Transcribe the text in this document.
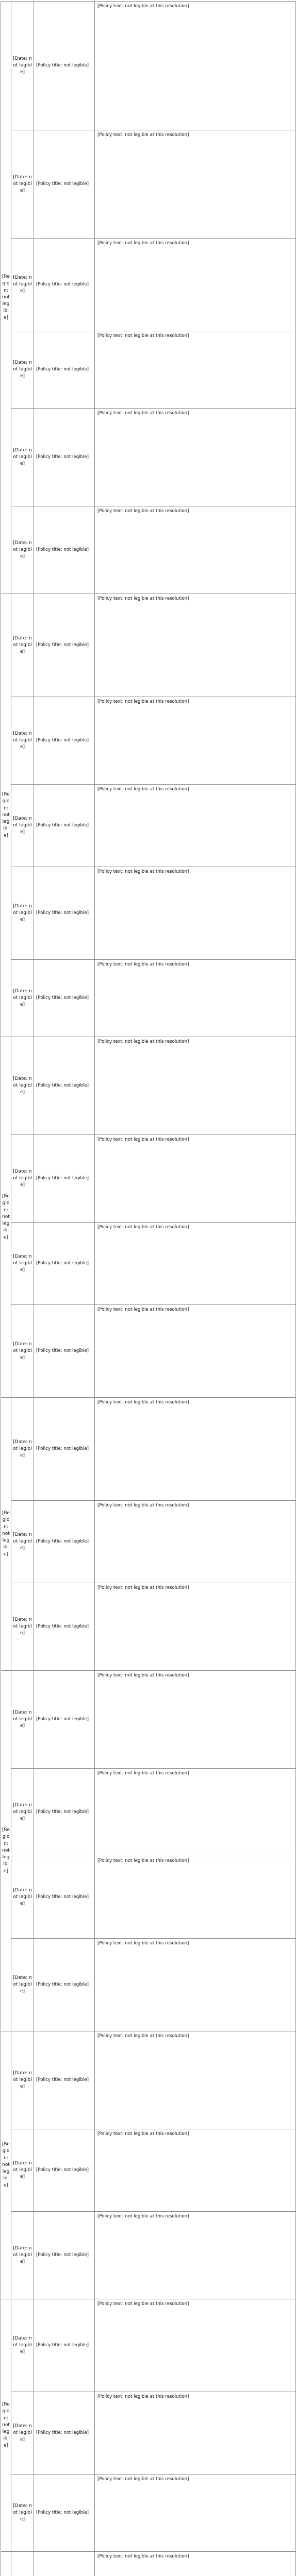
[Region: not legible]	[Date: not legible]	[Policy title: not legible]	[Policy text: not legible at this resolution]

	[Date: not legible]	[Policy title: not legible]	[Policy text: not legible at this resolution]

	[Date: not legible]	[Policy title: not legible]	[Policy text: not legible at this resolution]

	[Date: not legible]	[Policy title: not legible]	[Policy text: not legible at this resolution]

	[Date: not legible]	[Policy title: not legible]	[Policy text: not legible at this resolution]

	[Date: not legible]	[Policy title: not legible]	[Policy text: not legible at this resolution]

[Region: not legible]	[Date: not legible]	[Policy title: not legible]	[Policy text: not legible at this resolution]

	[Date: not legible]	[Policy title: not legible]	[Policy text: not legible at this resolution]

	[Date: not legible]	[Policy title: not legible]	[Policy text: not legible at this resolution]

	[Date: not legible]	[Policy title: not legible]	[Policy text: not legible at this resolution]

	[Date: not legible]	[Policy title: not legible]	[Policy text: not legible at this resolution]

[Region: not legible]	[Date: not legible]	[Policy title: not legible]	[Policy text: not legible at this resolution]

	[Date: not legible]	[Policy title: not legible]	[Policy text: not legible at this resolution]

	[Date: not legible]	[Policy title: not legible]	[Policy text: not legible at this resolution]

	[Date: not legible]	[Policy title: not legible]	[Policy text: not legible at this resolution]

[Region: not legible]	[Date: not legible]	[Policy title: not legible]	[Policy text: not legible at this resolution]

	[Date: not legible]	[Policy title: not legible]	[Policy text: not legible at this resolution]

	[Date: not legible]	[Policy title: not legible]	[Policy text: not legible at this resolution]

[Region: not legible]	[Date: not legible]	[Policy title: not legible]	[Policy text: not legible at this resolution]

	[Date: not legible]	[Policy title: not legible]	[Policy text: not legible at this resolution]

	[Date: not legible]	[Policy title: not legible]	[Policy text: not legible at this resolution]

	[Date: not legible]	[Policy title: not legible]	[Policy text: not legible at this resolution]

[Region: not legible]	[Date: not legible]	[Policy title: not legible]	[Policy text: not legible at this resolution]

	[Date: not legible]	[Policy title: not legible]	[Policy text: not legible at this resolution]

	[Date: not legible]	[Policy title: not legible]	[Policy text: not legible at this resolution]

[Region: not legible]	[Date: not legible]	[Policy title: not legible]	[Policy text: not legible at this resolution]

	[Date: not legible]	[Policy title: not legible]	[Policy text: not legible at this resolution]

	[Date: not legible]	[Policy title: not legible]	[Policy text: not legible at this resolution]

[Policy text: not legible at this resolution]
